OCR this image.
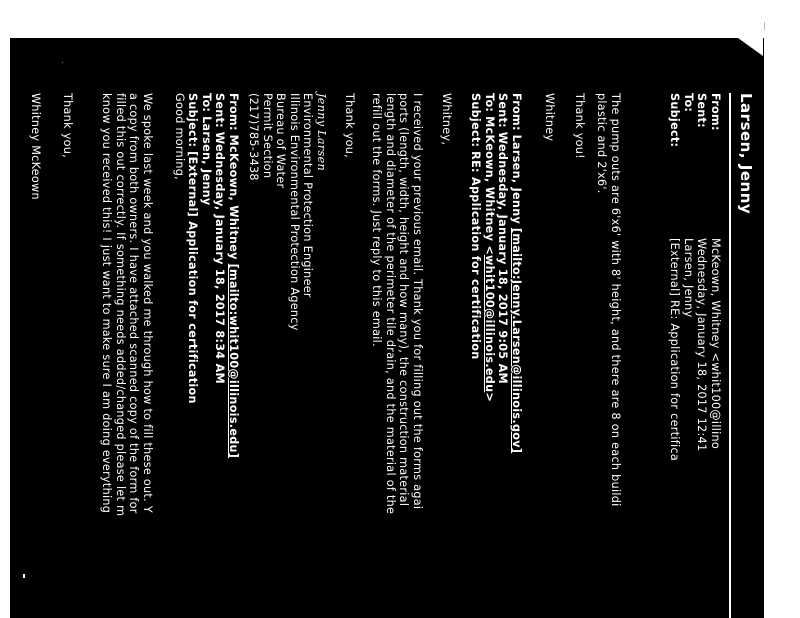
Larsen, Jenny
From:
McKeown, Whitney <whit100@illino
Sent:
Wednesday, January 18, 2017 12:41
To:
Larsen, Jenny
Subject:
[External] RE: Application for certifica
The pump outs are 6'x6' with 8' height, and there are 8 on each buildi
plastic and 2'x6'.
Thank you!
Whitney
From: Larsen, Jenny [mailto:Jenny.Larsen@illinois.gov]
Sent: Wednesday, January 18, 2017 9:05 AM
To: McKeown, Whitney <whit100@illinois.edu>
Subject: RE: Application for certification
Whitney,
I received your previous email. Thank you for filling out the forms agai
ports (length, width, height and how many), the construction material
length and diameter of the perimeter tile drain, and the material of the
refill out the forms. Just reply to this email.
Thank you,
Jenny Larsen
Environmental Protection Engineer
Illinois Environmental Protection Agency
Bureau of Water
Permit Section
(217)785-3438
From: McKeown, Whitney [mailto:whit100@illinois.edu]
Sent: Wednesday, January 18, 2017 8:34 AM
To: Larsen, Jenny
Subject: [External] Application for certification
Good morning,
We spoke last week and you walked me through how to fill these out. Y
a copy from both owners. I have attached scanned copy of the form for
filled this out correctly. If something needs added/changed please let m
know you received this! I just want to make sure I am doing everything
Thank you,
Whitney McKeown
